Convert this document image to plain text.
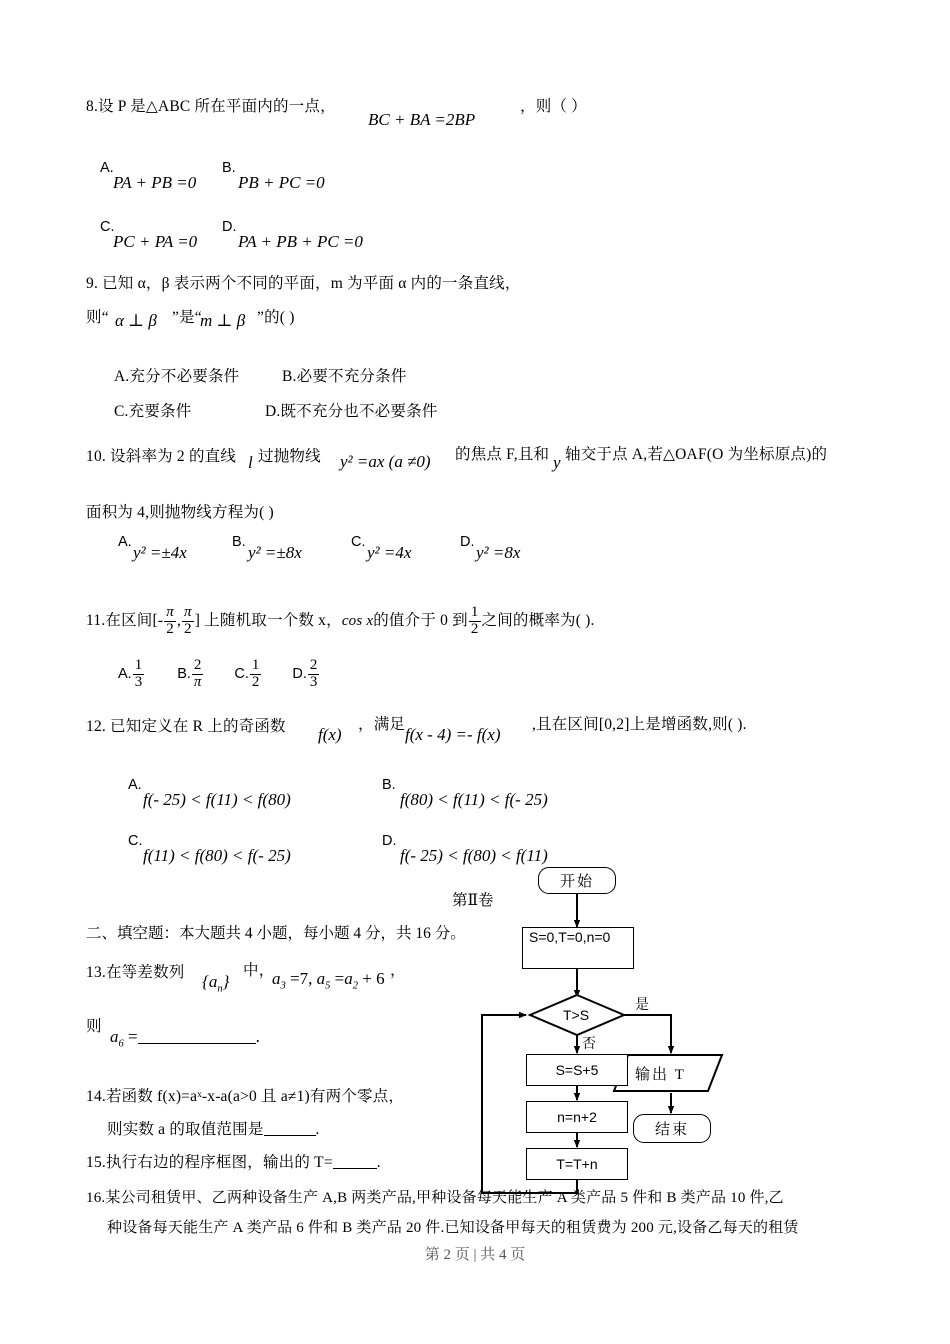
8.设 P 是△ABC 所在平面内的一点，
BC + BA =2BP
，则（ ）
A.
PA + PB =0
B.
PB + PC =0
C.
PC + PA =0
D.
PA + PB + PC =0
9. 已知 α，β 表示两个不同的平面，m 为平面 α 内的一条直线，
则“ α ⊥ β ”是“
m ⊥ β ”的( )
A.充分不必要条件	B.必要不充分条件
C.充要条件	D.既不充分也不必要条件
10. 设斜率为 2 的直线 l 过抛物线 y² =ax (a ≠0) 的焦点 F,且和 y 轴交于点 A,若△OAF(O 为坐标原点)的
面积为 4,则抛物线方程为( )
A.
y² =±4x
B.
y² =±8x
C.
y² =4x
D.
y² =8x
11.在区间[- $\frac{\pi}{2}$ , $\frac{\pi}{2}$ ] 上随机取一个数 x，cos x的值介于 0 到 $\frac{1}{2}$ 之间的概率为( ).
A. $\frac{1}{3} B$. $\frac{2}{\pi} C$. $\frac{1}{2} D$. $\frac{2}{3}$
12. 已知定义在 R 上的奇函数 f(x)
，满足
f(x - 4) =- f(x)
,且在区间[0,2]上是增函数,则( ).
A.
f(- 25) < f(11) < f(80)
B.
f(80) < f(11) < f(- 25)
C.
f(11) < f(80) < f(- 25)
D.
f(- 25) < f(80) < f(11)
第Ⅱ卷
二、填空题：本大题共 4 小题，每小题 4 分，共 16 分。
13.在等差数列 $\{a_n\}$
中，
$a_3 =7$, $a_5 =a_2 + 6$ ，
则
$a_6$ =	.
14.若函数 f(x)=aˣ-x-a(a>0 且 a≠1)有两个零点，
则实数 a 的取值范围是	.
15.执行右边的程序框图，输出的 T=	.
16.某公司租赁甲、乙两种设备生产 A,B 两类产品,甲种设备每天能生产 A 类产品 5 件和 B 类产品 10 件,乙
种设备每天能生产 A 类产品 6 件和 B 类产品 20 件.已知设备甲每天的租赁费为 200 元,设备乙每天的租赁
开始
S=0,T=0,n=0
T>S
是
否
S=S+5
n=n+2
T=T+n
输出 T
结束
第 2 页 | 共 4 页
